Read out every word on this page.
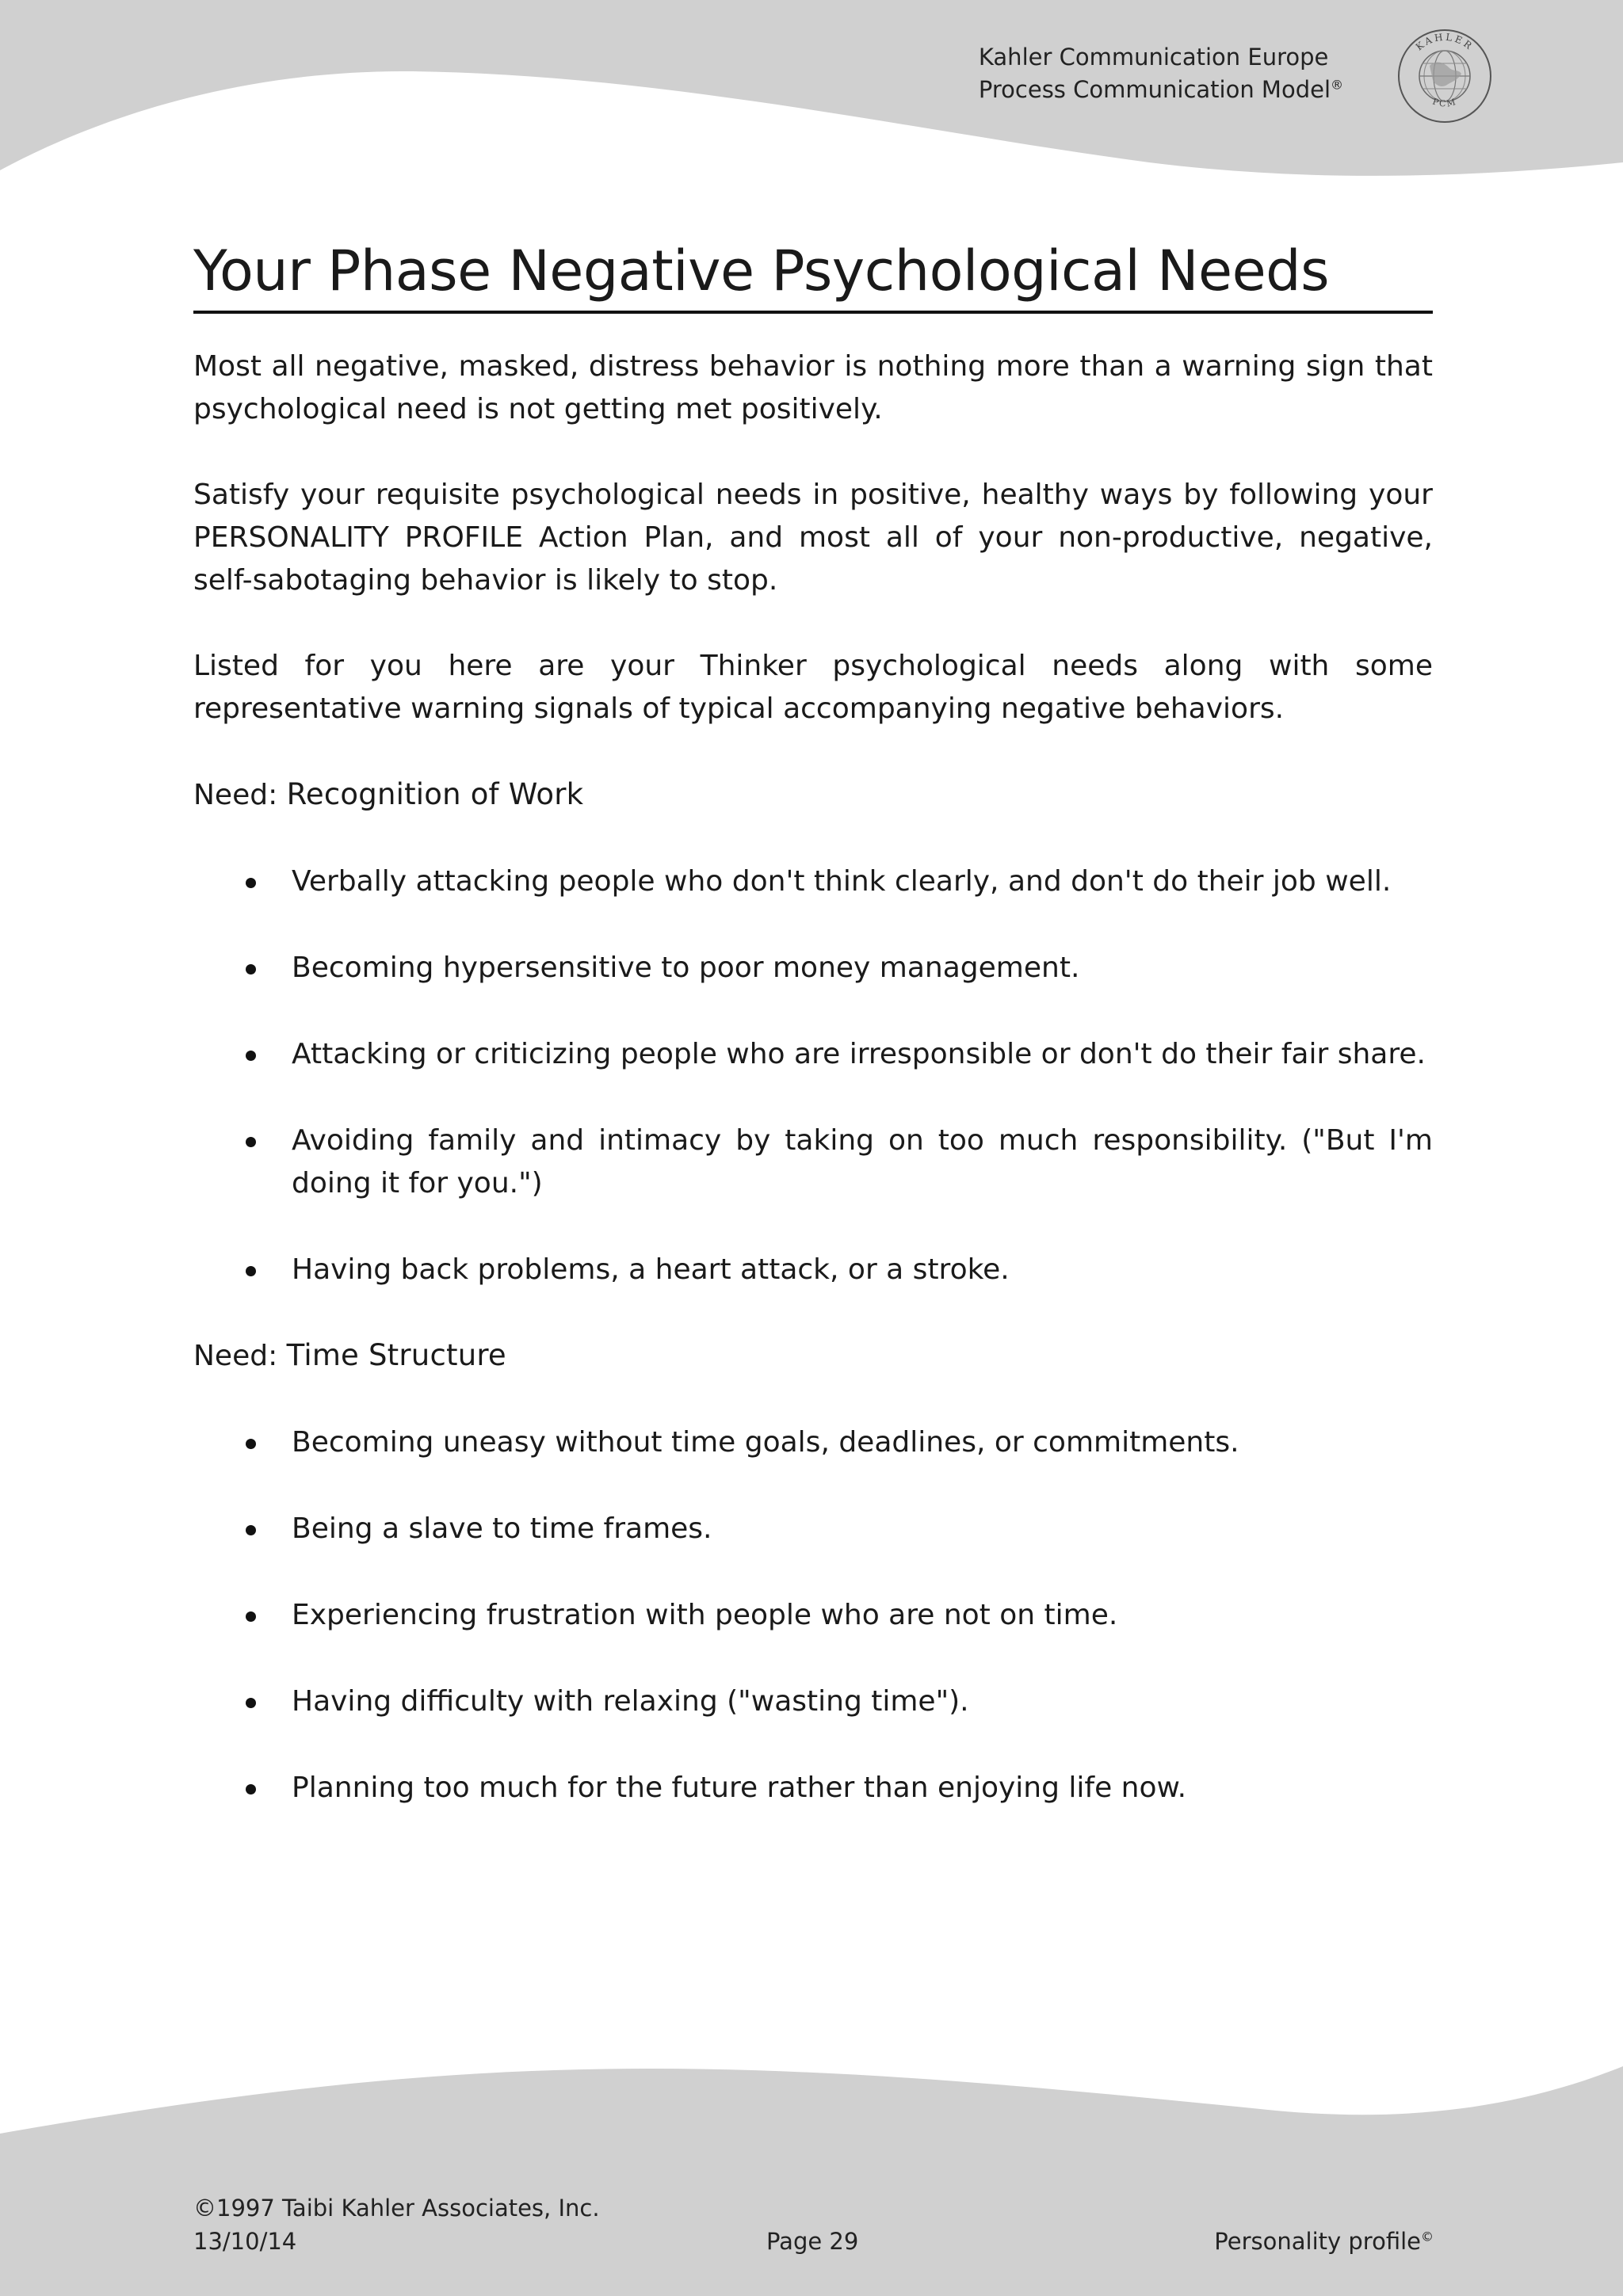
Kahler Communication Europe
Process Communication Model®
KAHLER
PCM
Your Phase Negative Psychological Needs

Most all negative, masked, distress behavior is nothing more than a warning sign that psychological need is not getting met positively.

Satisfy your requisite psychological needs in positive, healthy ways by following your PERSONALITY PROFILE Action Plan, and most all of your non-productive, negative, self-sabotaging behavior is likely to stop.

Listed for you here are your Thinker psychological needs along with some representative warning signals of typical accompanying negative behaviors.

Need: Recognition of Work

Verbally attacking people who don't think clearly, and don't do their job well.
Becoming hypersensitive to poor money management.
Attacking or criticizing people who are irresponsible or don't do their fair share.
Avoiding family and intimacy by taking on too much responsibility. ("But I'm doing it for you.")
Having back problems, a heart attack, or a stroke.

Need: Time Structure

Becoming uneasy without time goals, deadlines, or commitments.
Being a slave to time frames.
Experiencing frustration with people who are not on time.
Having difficulty with relaxing ("wasting time").
Planning too much for the future rather than enjoying life now.
©1997 Taibi Kahler Associates, Inc.
13/10/14	Page 29	Personality profile©
